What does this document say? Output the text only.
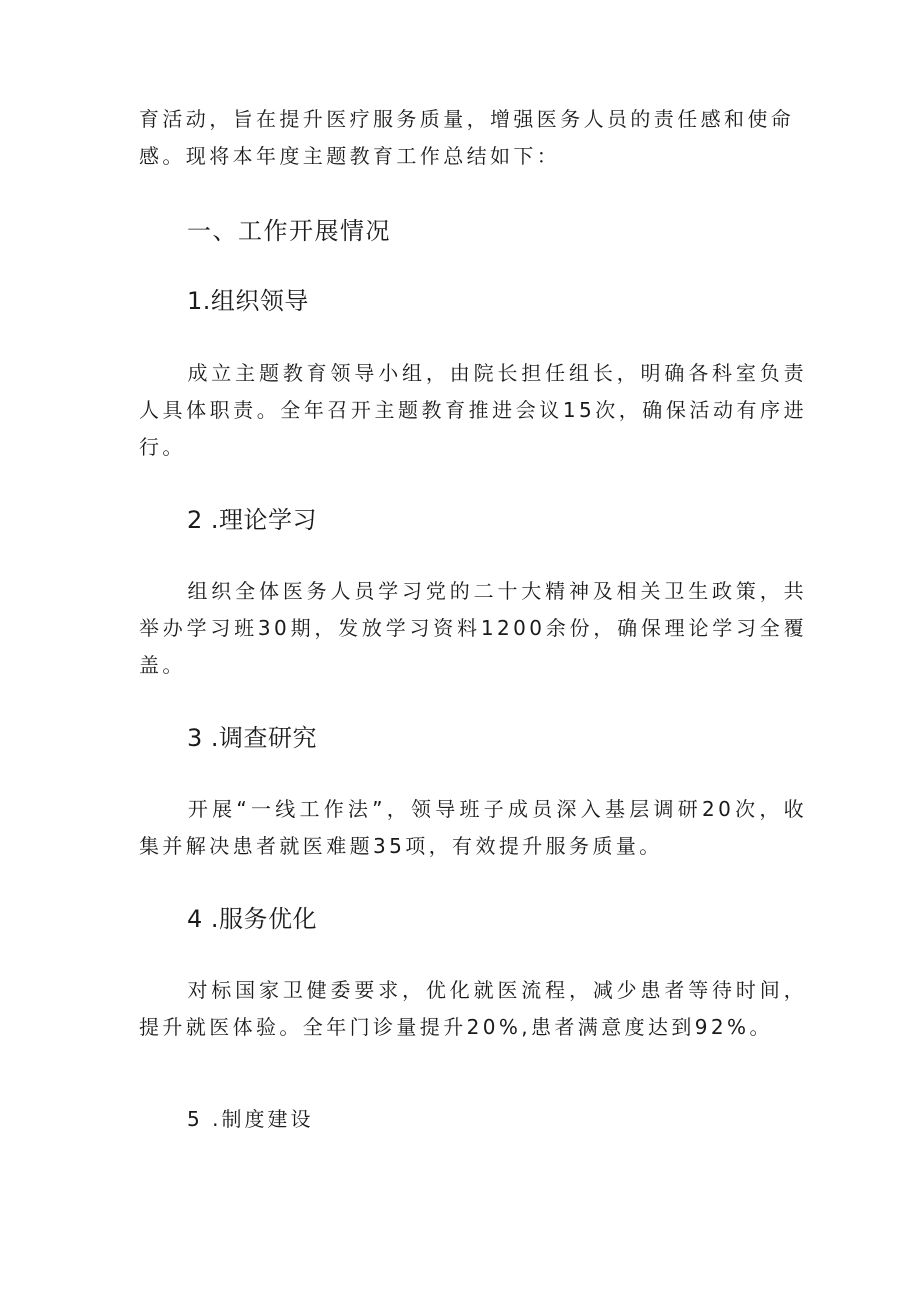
育活动，旨在提升医疗服务质量，增强医务人员的责任感和使命
感。现将本年度主题教育工作总结如下：

一、工作开展情况
1.组织领导

成立主题教育领导小组，由院长担任组长，明确各科室负责人具体职责。全年召开主题教育推进会议15次，确保活动有序进行。

2 .理论学习

组织全体医务人员学习党的二十大精神及相关卫生政策，共举办学习班30期，发放学习资料1200余份，确保理论学习全覆盖。

3 .调查研究

开展“一线工作法”，领导班子成员深入基层调研20次，收集并解决患者就医难题35项，有效提升服务质量。

4 .服务优化

对标国家卫健委要求，优化就医流程，减少患者等待时间，提升就医体验。全年门诊量提升20%,患者满意度达到92%。

5 .制度建设
